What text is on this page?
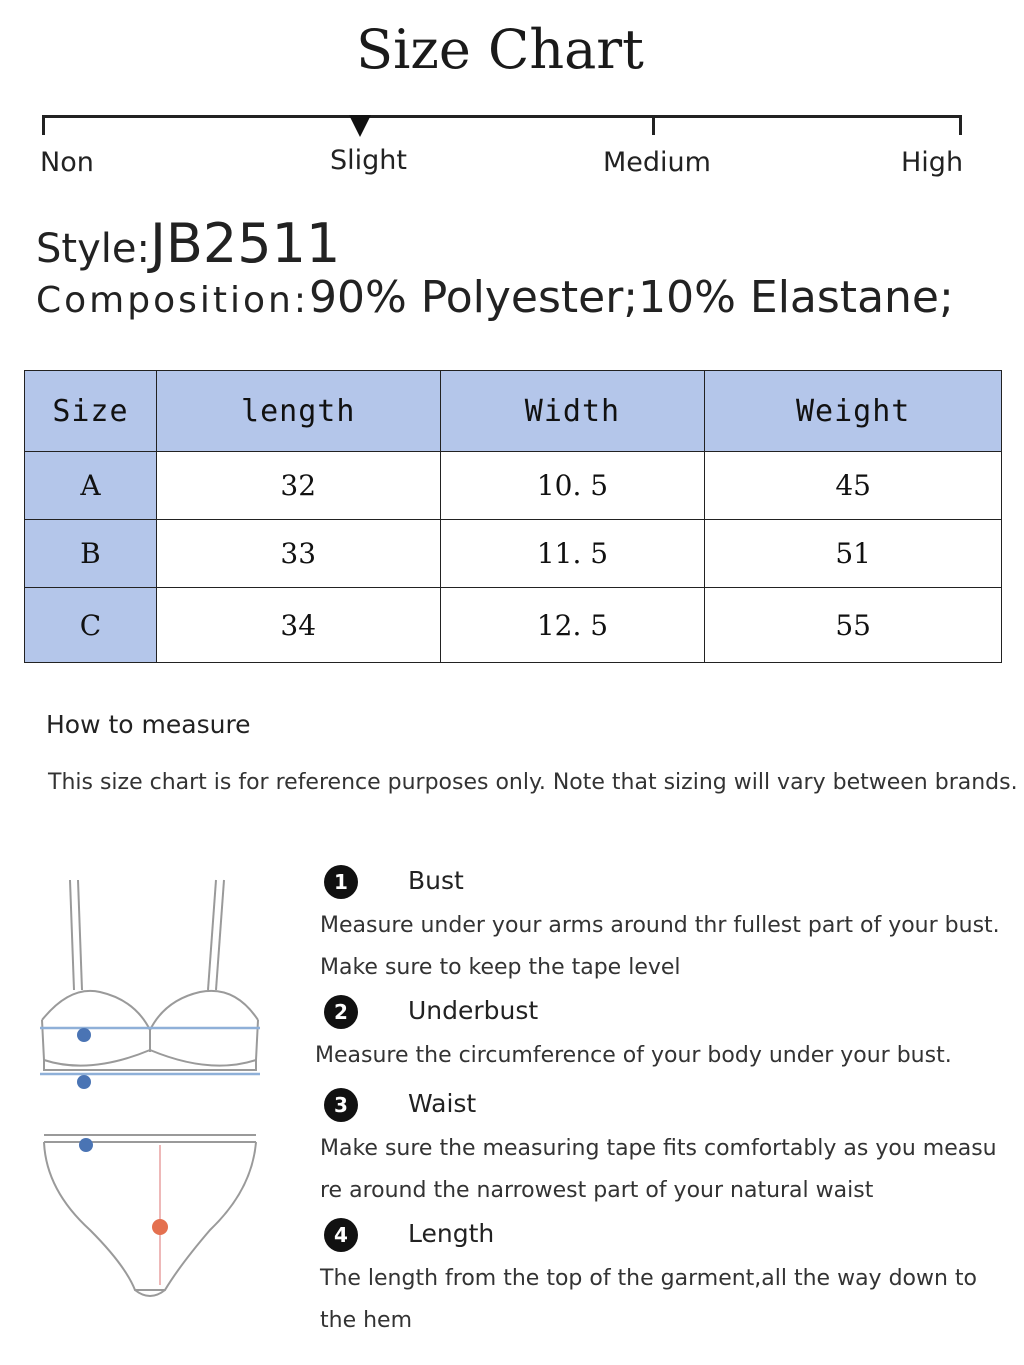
Size Chart
Non	Slight	Medium	High
Style:JB2511
Composition:90% Polyester;10% Elastane;
Size	length	Width	Weight
A	32	10. 5	45
B	33	11. 5	51
C	34	12. 5	55
How to measure
This size chart is for reference purposes only. Note that sizing will vary between brands.
1	Bust
Measure under your arms around thr fullest part of your bust.
Make sure to keep the tape level
2	Underbust
Measure the circumference of your body under your bust.
3	Waist
Make sure the measuring tape fits comfortably as you measu
re around the narrowest part of your natural waist
4	Length
The length from the top of the garment,all the way down to
the hem
